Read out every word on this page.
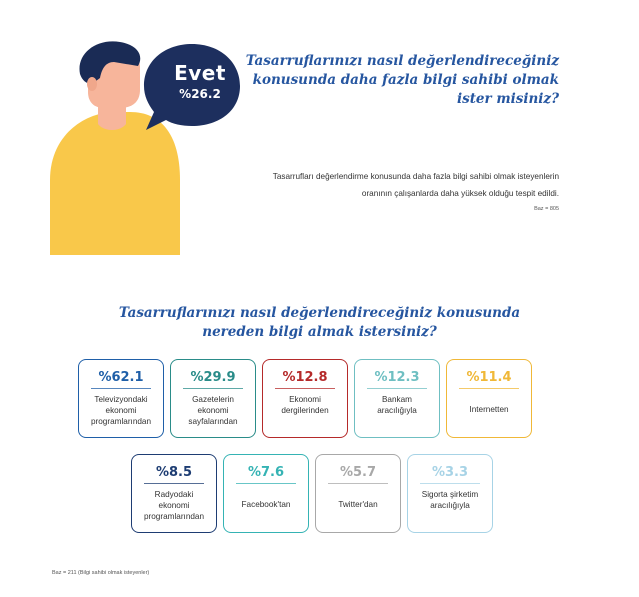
Evet
%26.2
Tasarruflarınızı nasıl değerlendireceğiniz
konusunda daha fazla bilgi sahibi olmak
ister misiniz?
Tasarrufları değerlendirme konusunda daha fazla bilgi sahibi olmak isteyenlerin
oranının çalışanlarda daha yüksek olduğu tespit edildi.
Baz = 805
Tasarruflarınızı nasıl değerlendireceğiniz konusunda
nereden bilgi almak istersiniz?
%62.1
Televizyondaki
ekonomi
programlarından
%29.9
Gazetelerin
ekonomi
sayfalarından
%12.8
Ekonomi
dergilerinden
%12.3
Bankam
aracılığıyla
%11.4
Internetten
%8.5
Radyodaki
ekonomi
programlarından
%7.6
Facebook'tan
%5.7
Twitter'dan
%3.3
Sigorta şirketim
aracılığıyla
Baz = 211 (Bilgi sahibi olmak isteyenler)
